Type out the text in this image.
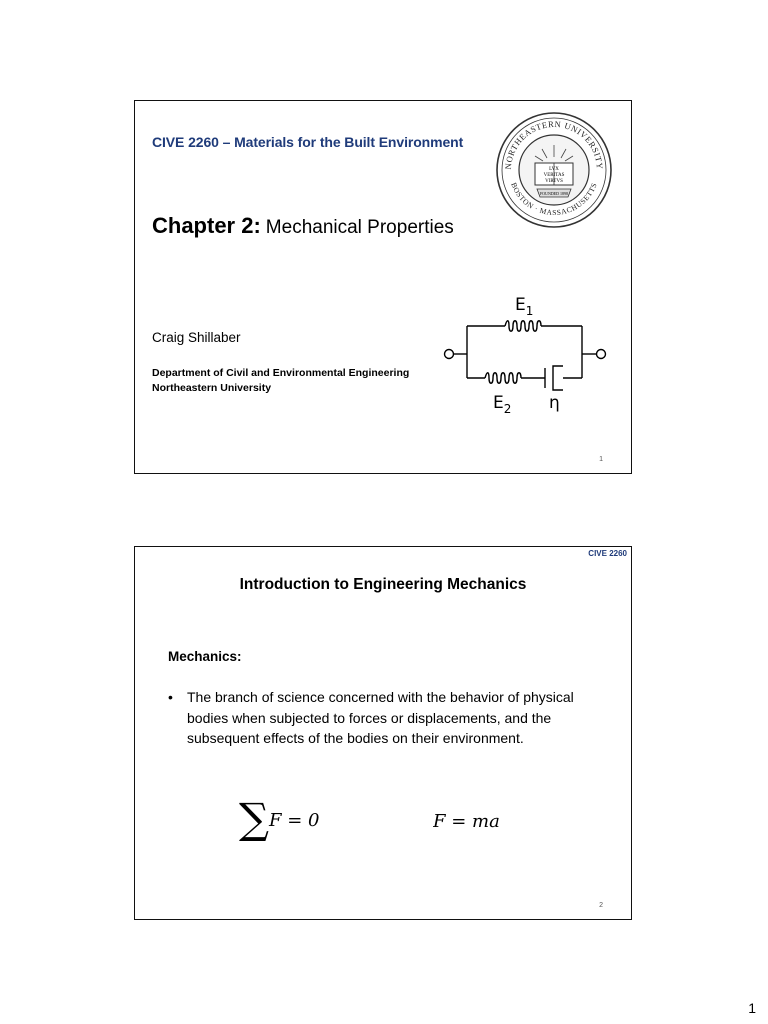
CIVE 2260 – Materials for the Built Environment
LVX
VERITAS
VIRTVS
FOUNDED 1898
NORTHEASTERN UNIVERSITY
BOSTON · MASSACHUSETTS
Chapter 2: Mechanical Properties
Craig Shillaber
Department of Civil and Environmental Engineering
Northeastern University
$E_1$
$E_2$ η
1
CIVE 2260
Introduction to Engineering Mechanics
Mechanics:
•	The branch of science concerned with the behavior of physical bodies when subjected to forces or displacements, and the subsequent effects of the bodies on their environment.
∑ F = 0	F = ma
2
1
